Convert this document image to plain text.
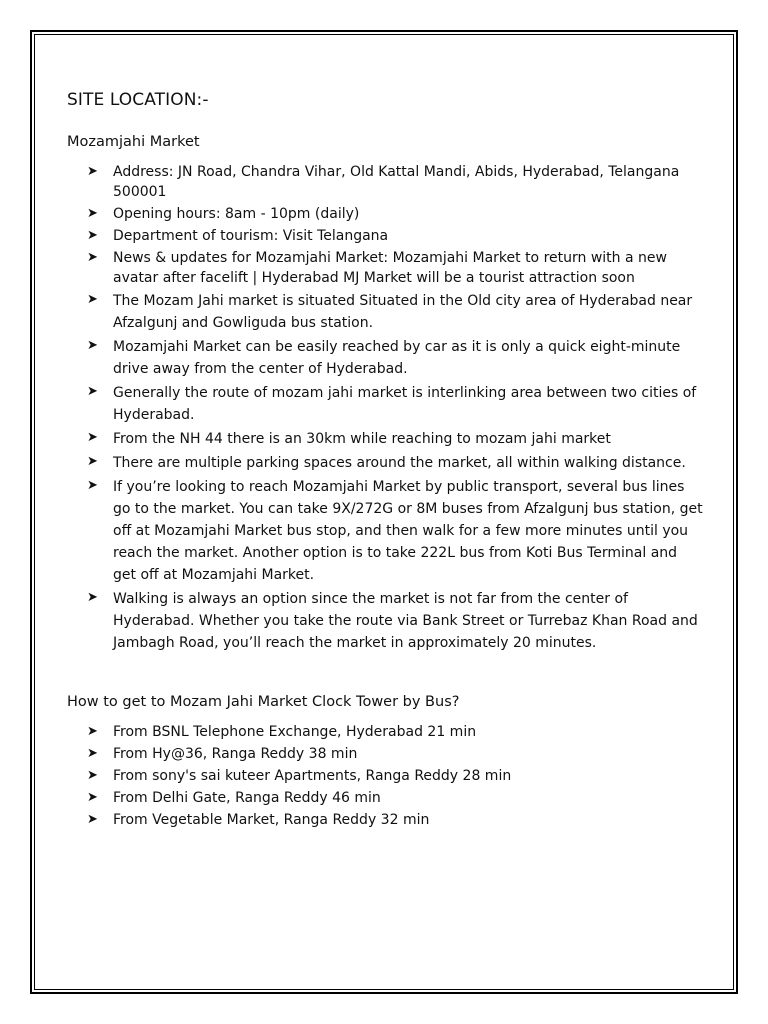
SITE LOCATION:-
Mozamjahi Market
➤ Address: JN Road, Chandra Vihar, Old Kattal Mandi, Abids, Hyderabad, Telangana 500001
➤ Opening hours: 8am - 10pm (daily)
➤ Department of tourism: Visit Telangana
➤ News & updates for Mozamjahi Market: Mozamjahi Market to return with a new avatar after facelift | Hyderabad MJ Market will be a tourist attraction soon
➤ The Mozam Jahi market is situated Situated in the Old city area of Hyderabad near Afzalgunj and Gowliguda bus station.
➤ Mozamjahi Market can be easily reached by car as it is only a quick eight-minute drive away from the center of Hyderabad.
➤ Generally the route of mozam jahi market is interlinking area between two cities of Hyderabad.
➤ From the NH 44 there is an 30km while reaching to mozam jahi market
➤ There are multiple parking spaces around the market, all within walking distance.
➤ If you’re looking to reach Mozamjahi Market by public transport, several bus lines go to the market. You can take 9X/272G or 8M buses from Afzalgunj bus station, get off at Mozamjahi Market bus stop, and then walk for a few more minutes until you reach the market. Another option is to take 222L bus from Koti Bus Terminal and get off at Mozamjahi Market.
➤ Walking is always an option since the market is not far from the center of Hyderabad. Whether you take the route via Bank Street or Turrebaz Khan Road and Jambagh Road, you’ll reach the market in approximately 20 minutes.
How to get to Mozam Jahi Market Clock Tower by Bus?
➤ From BSNL Telephone Exchange, Hyderabad 21 min
➤ From Hy@36, Ranga Reddy 38 min
➤ From sony's sai kuteer Apartments, Ranga Reddy 28 min
➤ From Delhi Gate, Ranga Reddy 46 min
➤ From Vegetable Market, Ranga Reddy 32 min
